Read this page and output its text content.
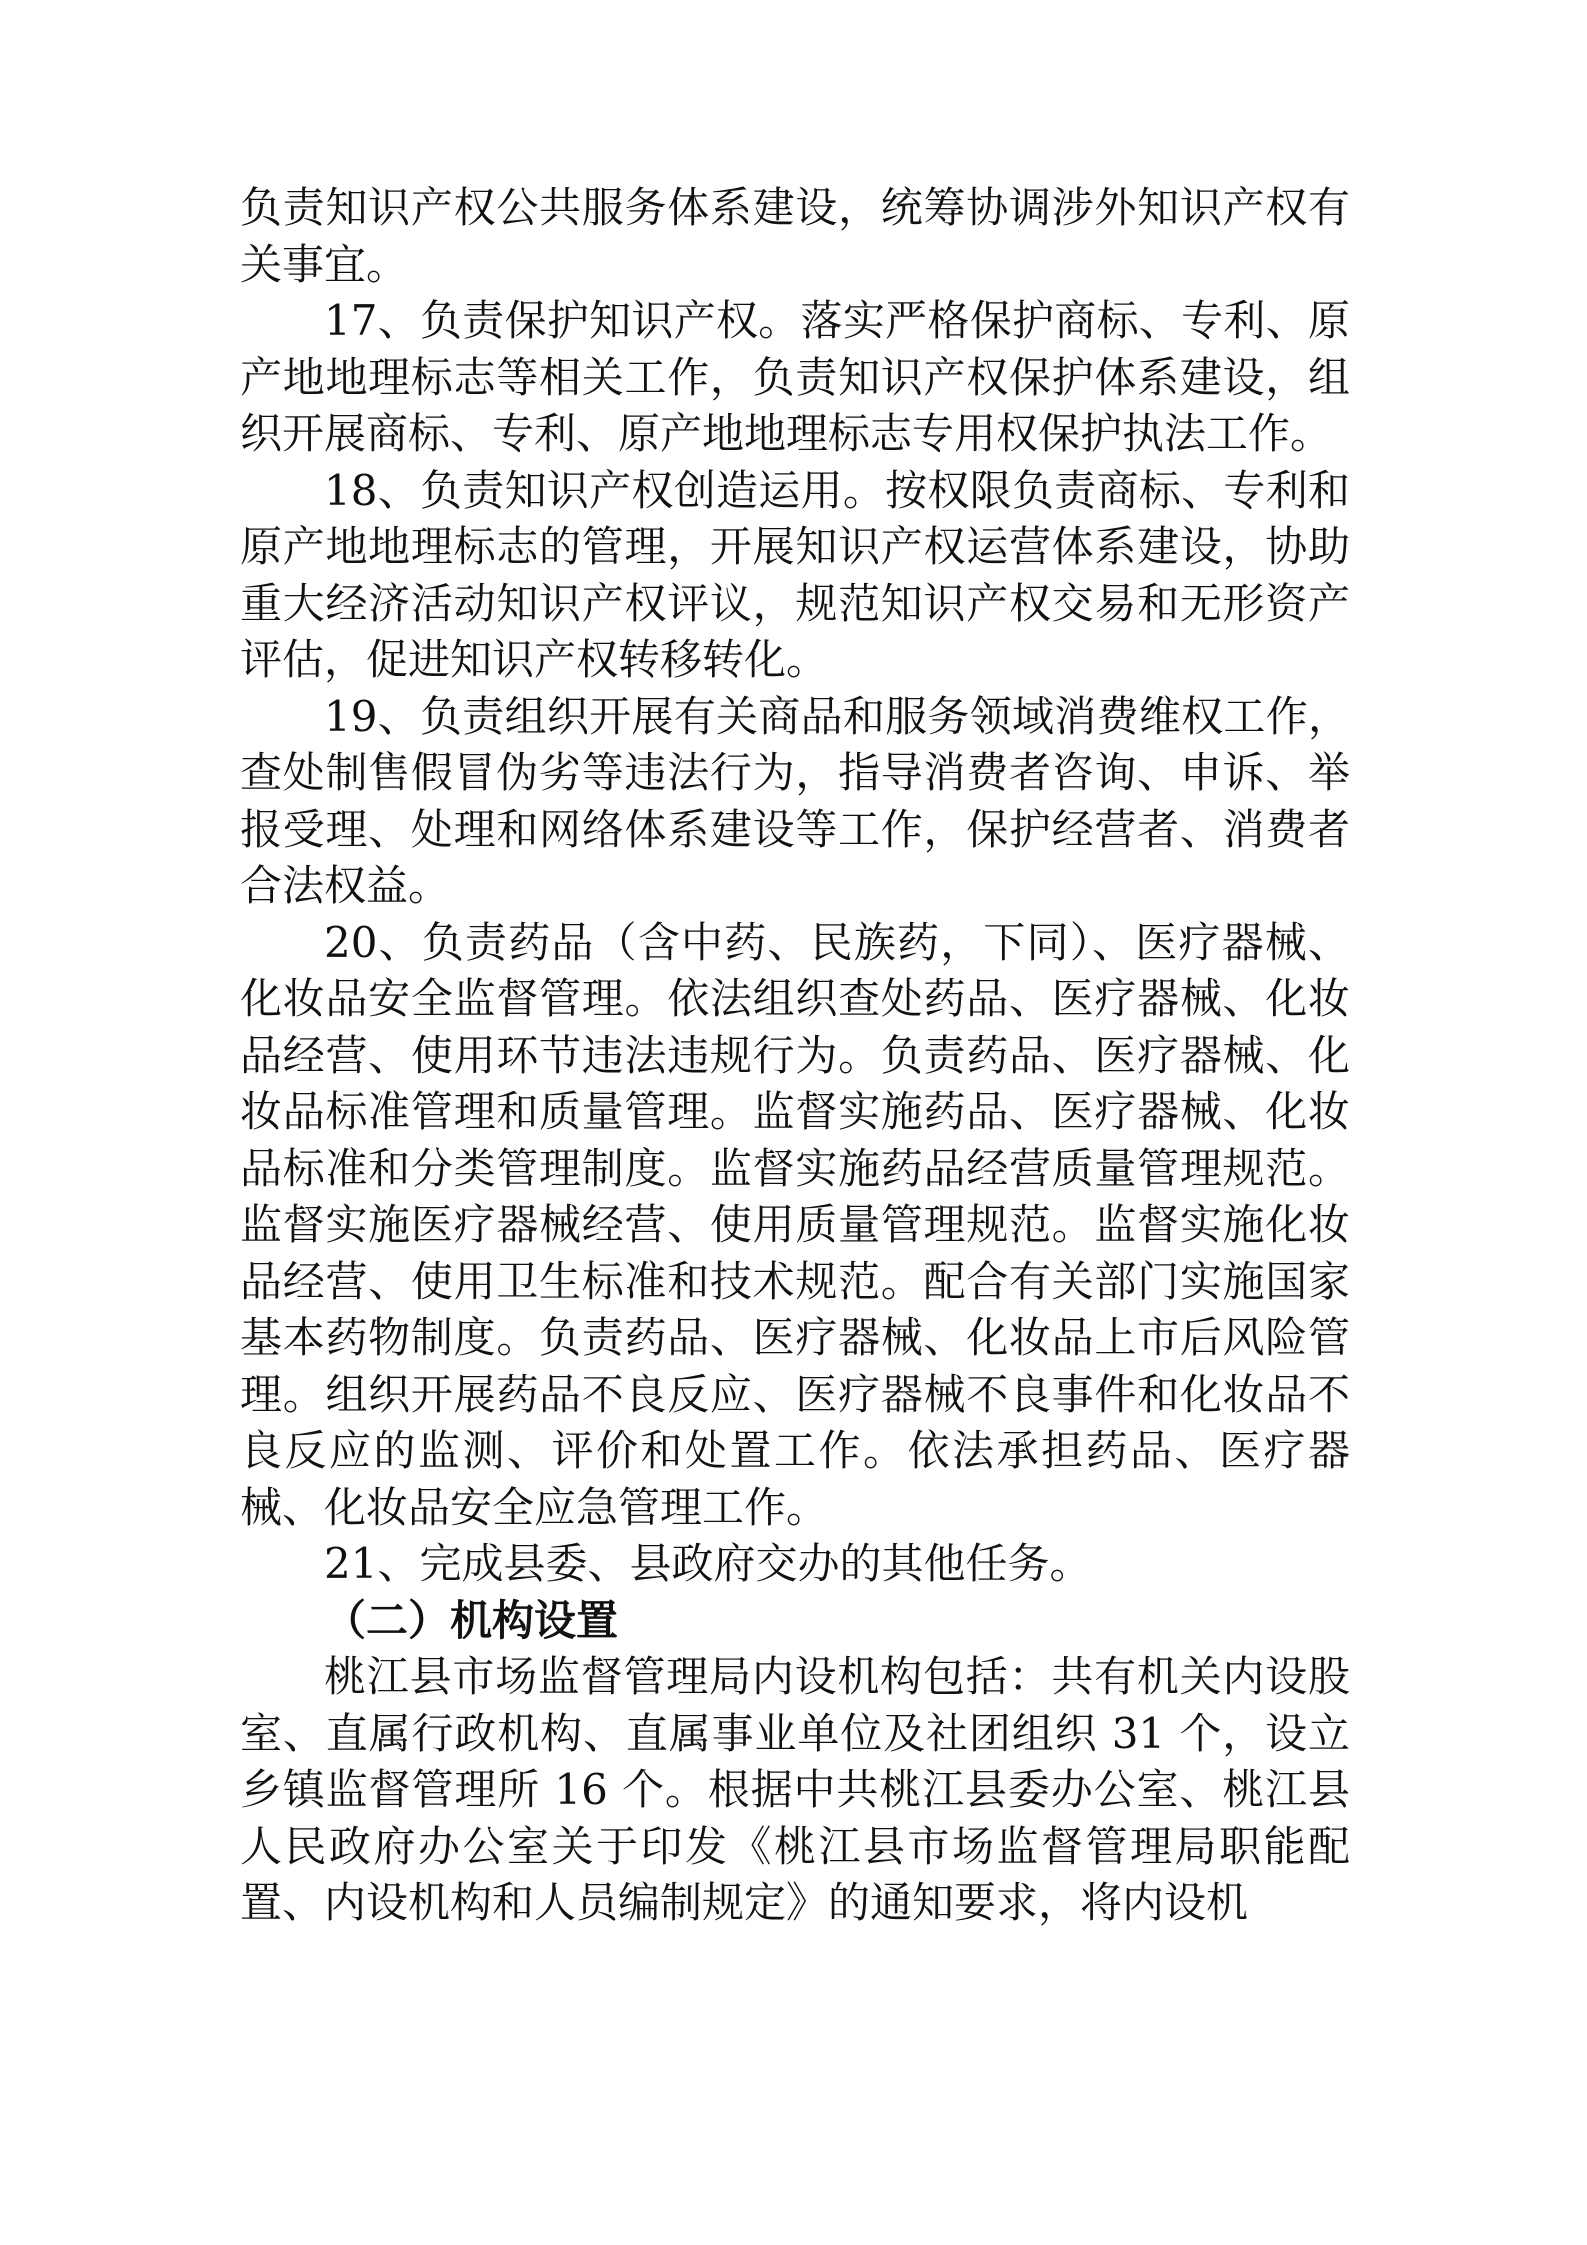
负责知识产权公共服务体系建设，统筹协调涉外知识产权有关事宜。

17、负责保护知识产权。落实严格保护商标、专利、原产地地理标志等相关工作，负责知识产权保护体系建设，组织开展商标、专利、原产地地理标志专用权保护执法工作。

18、负责知识产权创造运用。按权限负责商标、专利和原产地地理标志的管理，开展知识产权运营体系建设，协助重大经济活动知识产权评议，规范知识产权交易和无形资产评估，促进知识产权转移转化。

19、负责组织开展有关商品和服务领域消费维权工作，查处制售假冒伪劣等违法行为，指导消费者咨询、申诉、举报受理、处理和网络体系建设等工作，保护经营者、消费者合法权益。

20、负责药品（含中药、民族药，下同）、医疗器械、化妆品安全监督管理。依法组织查处药品、医疗器械、化妆品经营、使用环节违法违规行为。负责药品、医疗器械、化妆品标准管理和质量管理。监督实施药品、医疗器械、化妆品标准和分类管理制度。监督实施药品经营质量管理规范。监督实施医疗器械经营、使用质量管理规范。监督实施化妆品经营、使用卫生标准和技术规范。配合有关部门实施国家基本药物制度。负责药品、医疗器械、化妆品上市后风险管理。组织开展药品不良反应、医疗器械不良事件和化妆品不良反应的监测、评价和处置工作。依法承担药品、医疗器械、化妆品安全应急管理工作。

21、完成县委、县政府交办的其他任务。

（二）机构设置

桃江县市场监督管理局内设机构包括：共有机关内设股室、直属行政机构、直属事业单位及社团组织 31 个，设立乡镇监督管理所 16 个。根据中共桃江县委办公室、桃江县人民政府办公室关于印发《桃江县市场监督管理局职能配置、内设机构和人员编制规定》的通知要求，将内设机
